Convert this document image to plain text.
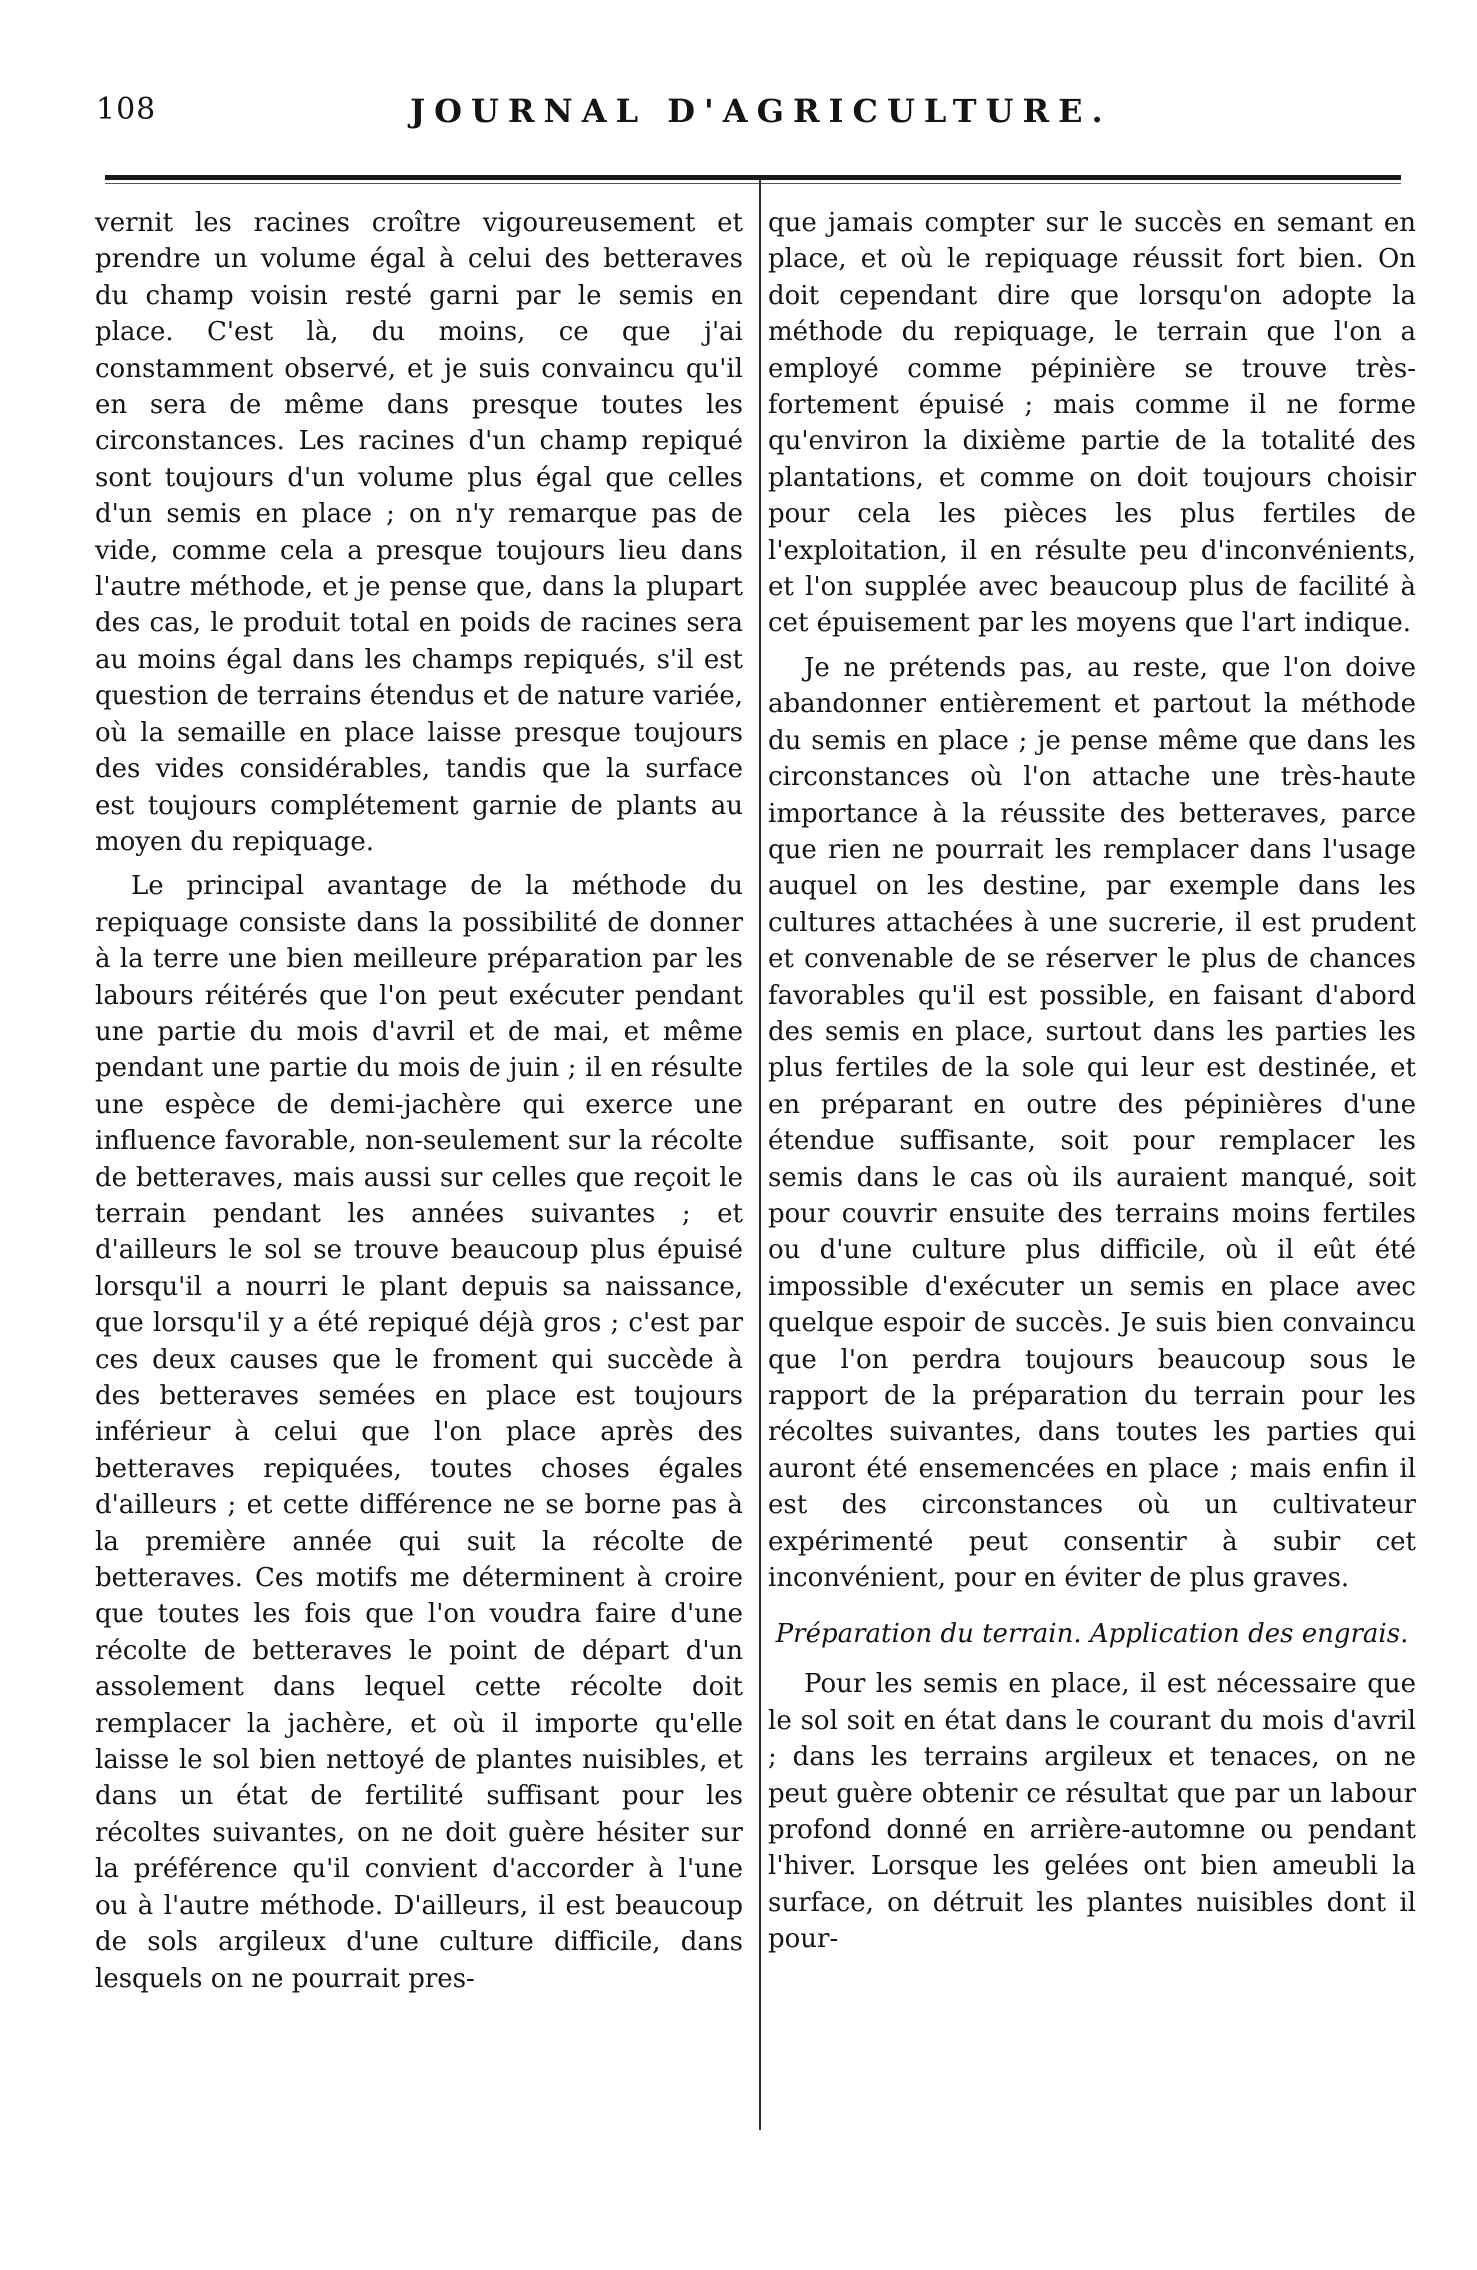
108	JOURNAL D'AGRICULTURE.

vernit les racines croître vigoureusement et prendre un volume égal à celui des betteraves du champ voisin resté garni par le semis en place. C'est là, du moins, ce que j'ai constamment observé, et je suis convaincu qu'il en sera de même dans presque toutes les circonstances. Les racines d'un champ repiqué sont toujours d'un volume plus égal que celles d'un semis en place ; on n'y remarque pas de vide, comme cela a presque toujours lieu dans l'autre méthode, et je pense que, dans la plupart des cas, le produit total en poids de racines sera au moins égal dans les champs repiqués, s'il est question de terrains étendus et de nature variée, où la semaille en place laisse presque toujours des vides considérables, tandis que la surface est toujours complétement garnie de plants au moyen du repiquage.

Le principal avantage de la méthode du repiquage consiste dans la possibilité de donner à la terre une bien meilleure préparation par les labours réitérés que l'on peut exécuter pendant une partie du mois d'avril et de mai, et même pendant une partie du mois de juin ; il en résulte une espèce de demi-jachère qui exerce une influence favorable, non-seulement sur la récolte de betteraves, mais aussi sur celles que reçoit le terrain pendant les années suivantes ; et d'ailleurs le sol se trouve beaucoup plus épuisé lorsqu'il a nourri le plant depuis sa naissance, que lorsqu'il y a été repiqué déjà gros ; c'est par ces deux causes que le froment qui succède à des betteraves semées en place est toujours inférieur à celui que l'on place après des betteraves repiquées, toutes choses égales d'ailleurs ; et cette différence ne se borne pas à la première année qui suit la récolte de betteraves. Ces motifs me déterminent à croire que toutes les fois que l'on voudra faire d'une récolte de betteraves le point de départ d'un assolement dans lequel cette récolte doit remplacer la jachère, et où il importe qu'elle laisse le sol bien nettoyé de plantes nuisibles, et dans un état de fertilité suffisant pour les récoltes suivantes, on ne doit guère hésiter sur la préférence qu'il convient d'accorder à l'une ou à l'autre méthode. D'ailleurs, il est beaucoup de sols argileux d'une culture difficile, dans lesquels on ne pourrait pres-

que jamais compter sur le succès en semant en place, et où le repiquage réussit fort bien. On doit cependant dire que lorsqu'on adopte la méthode du repiquage, le terrain que l'on a employé comme pépinière se trouve très-fortement épuisé ; mais comme il ne forme qu'environ la dixième partie de la totalité des plantations, et comme on doit toujours choisir pour cela les pièces les plus fertiles de l'exploitation, il en résulte peu d'inconvénients, et l'on supplée avec beaucoup plus de facilité à cet épuisement par les moyens que l'art indique.

Je ne prétends pas, au reste, que l'on doive abandonner entièrement et partout la méthode du semis en place ; je pense même que dans les circonstances où l'on attache une très-haute importance à la réussite des betteraves, parce que rien ne pourrait les remplacer dans l'usage auquel on les destine, par exemple dans les cultures attachées à une sucrerie, il est prudent et convenable de se réserver le plus de chances favorables qu'il est possible, en faisant d'abord des semis en place, surtout dans les parties les plus fertiles de la sole qui leur est destinée, et en préparant en outre des pépinières d'une étendue suffisante, soit pour remplacer les semis dans le cas où ils auraient manqué, soit pour couvrir ensuite des terrains moins fertiles ou d'une culture plus difficile, où il eût été impossible d'exécuter un semis en place avec quelque espoir de succès. Je suis bien convaincu que l'on perdra toujours beaucoup sous le rapport de la préparation du terrain pour les récoltes suivantes, dans toutes les parties qui auront été ensemencées en place ; mais enfin il est des circonstances où un cultivateur expérimenté peut consentir à subir cet inconvénient, pour en éviter de plus graves.

Préparation du terrain. Application des engrais.

Pour les semis en place, il est nécessaire que le sol soit en état dans le courant du mois d'avril ; dans les terrains argileux et tenaces, on ne peut guère obtenir ce résultat que par un labour profond donné en arrière-automne ou pendant l'hiver. Lorsque les gelées ont bien ameubli la surface, on détruit les plantes nuisibles dont il pour-
